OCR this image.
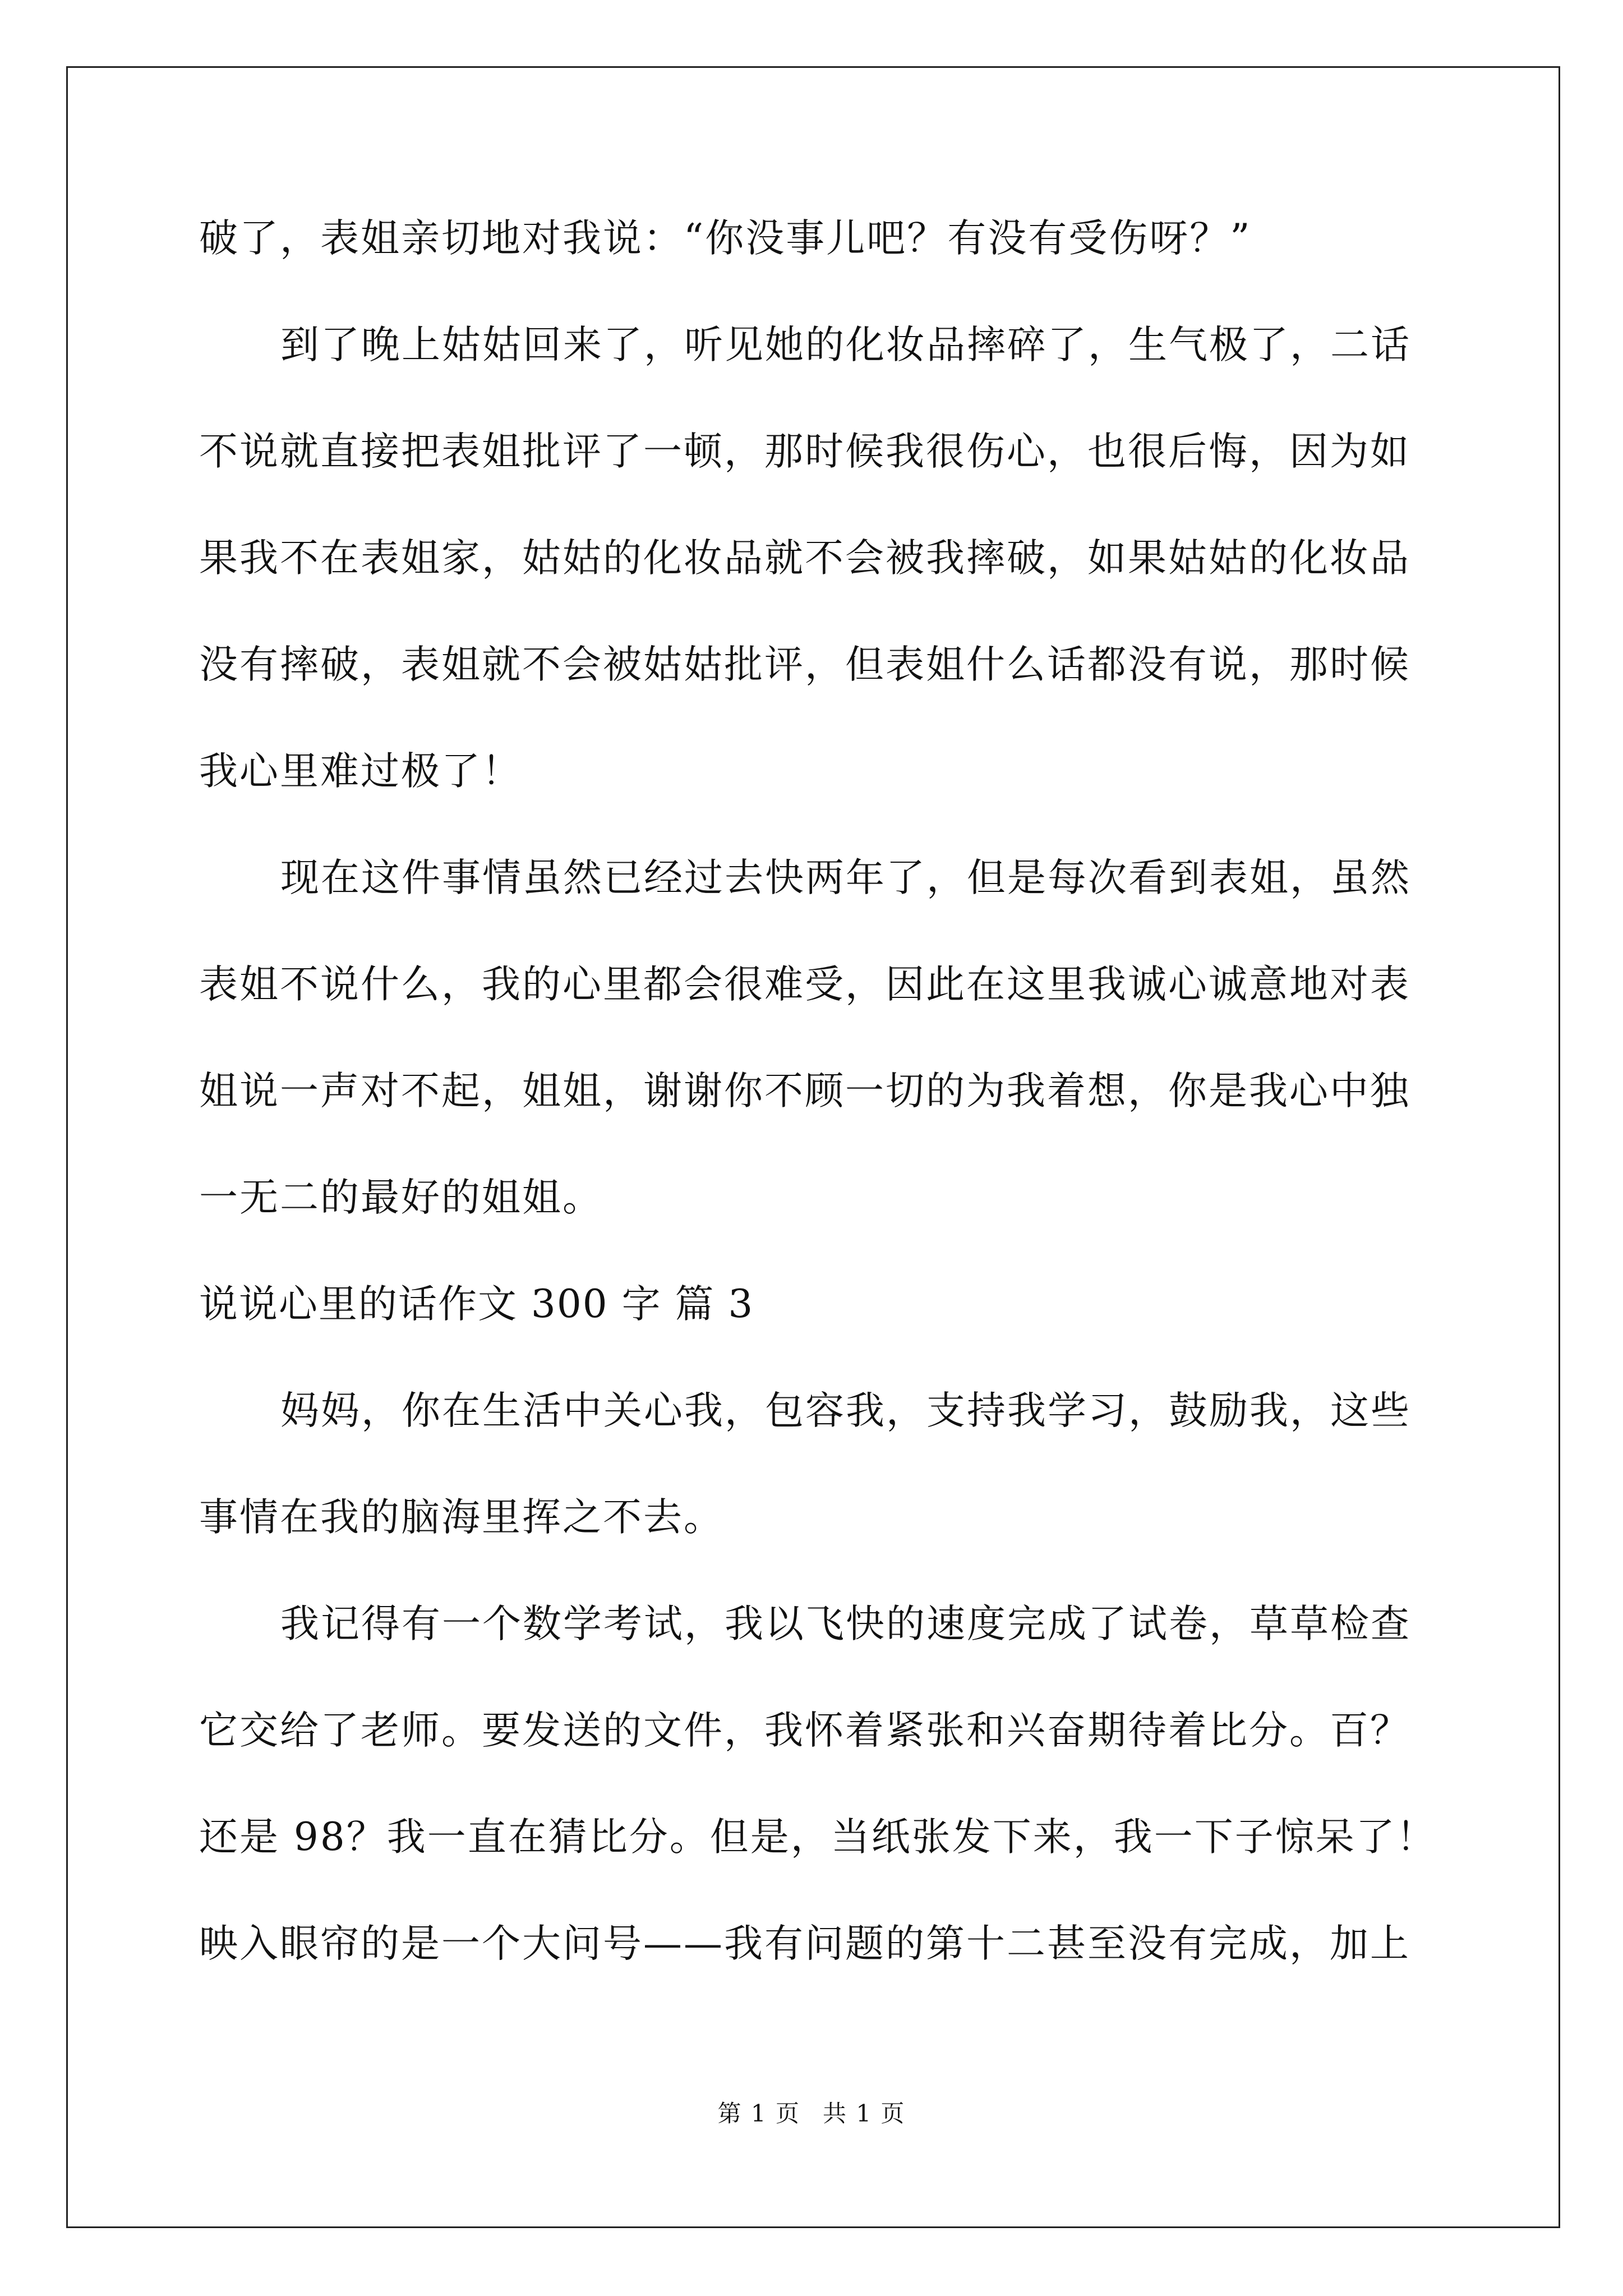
破了，表姐亲切地对我说：“你没事儿吧？有没有受伤呀？”
到了晚上姑姑回来了，听见她的化妆品摔碎了，生气极了，二话
不说就直接把表姐批评了一顿，那时候我很伤心，也很后悔，因为如
果我不在表姐家，姑姑的化妆品就不会被我摔破，如果姑姑的化妆品
没有摔破，表姐就不会被姑姑批评，但表姐什么话都没有说，那时候
我心里难过极了！
现在这件事情虽然已经过去快两年了，但是每次看到表姐，虽然
表姐不说什么，我的心里都会很难受，因此在这里我诚心诚意地对表
姐说一声对不起，姐姐，谢谢你不顾一切的为我着想，你是我心中独
一无二的最好的姐姐。
说说心里的话作文 300 字 篇 3
妈妈，你在生活中关心我，包容我，支持我学习，鼓励我，这些
事情在我的脑海里挥之不去。
我记得有一个数学考试，我以飞快的速度完成了试卷，草草检查
它交给了老师。要发送的文件，我怀着紧张和兴奋期待着比分。百？
还是 98？我一直在猜比分。但是，当纸张发下来，我一下子惊呆了！
映入眼帘的是一个大问号——我有问题的第十二甚至没有完成，加上
第 1 页 共 1 页
